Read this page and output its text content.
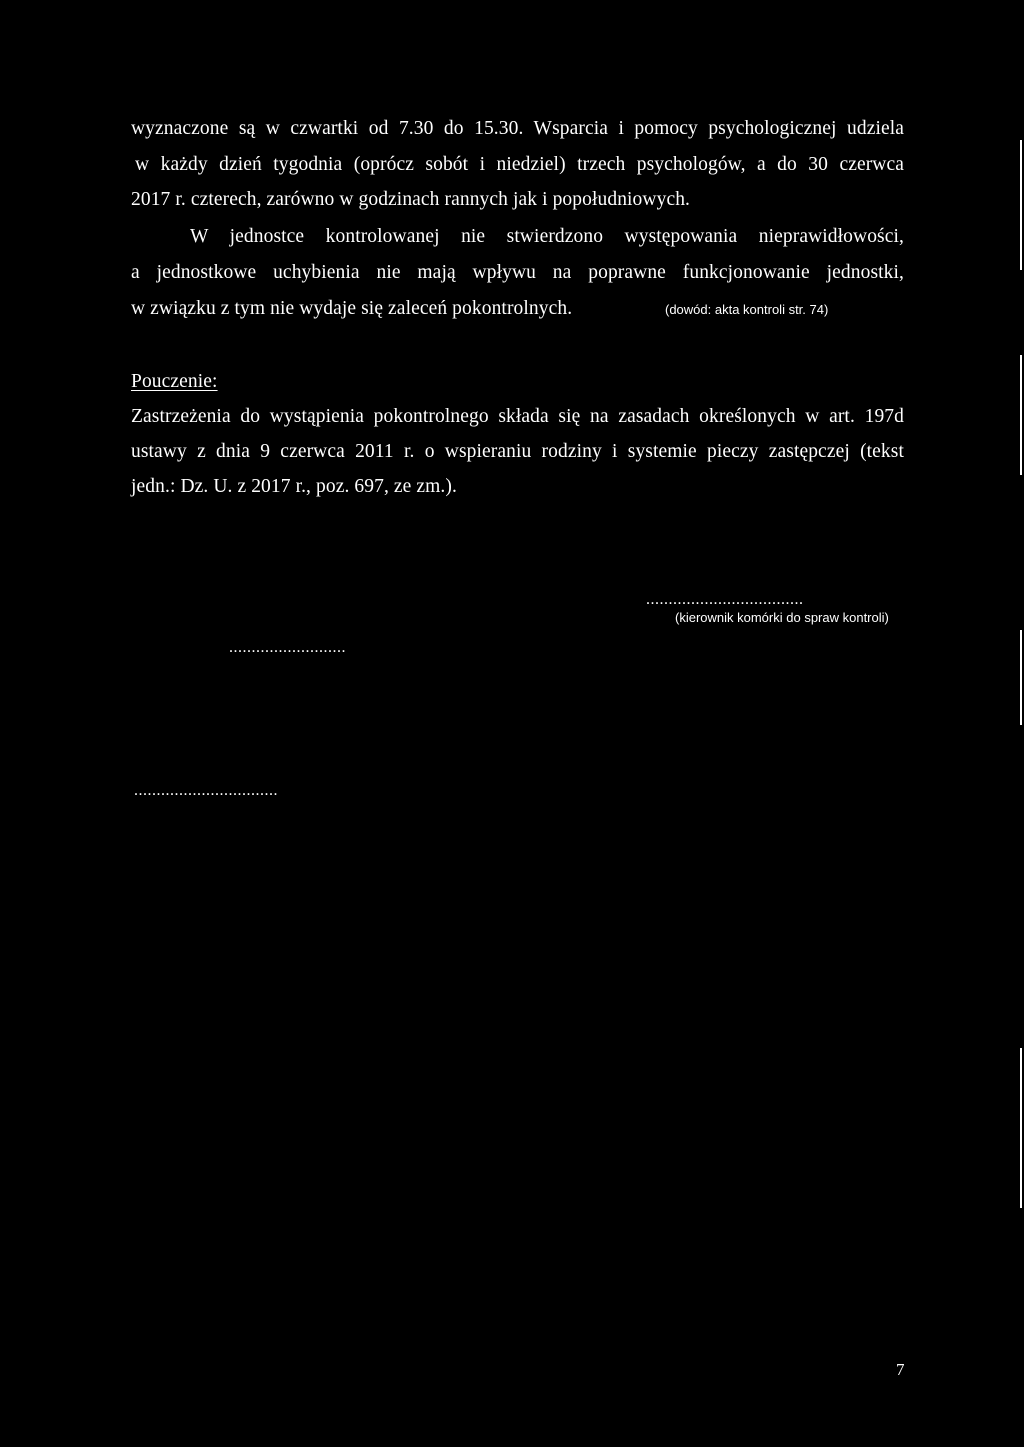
wyznaczone są w czwartki od 7.30 do 15.30. Wsparcia i pomocy psychologicznej udziela
w każdy dzień tygodnia (oprócz sobót i niedziel) trzech psychologów, a do 30 czerwca
2017 r. czterech, zarówno w godzinach rannych jak i popołudniowych.
W jednostce kontrolowanej nie stwierdzono występowania nieprawidłowości,
a jednostkowe uchybienia nie mają wpływu na poprawne funkcjonowanie jednostki,
w związku z tym nie wydaje się zaleceń pokontrolnych.	(dowód: akta kontroli str. 74)
Pouczenie:
Zastrzeżenia do wystąpienia pokontrolnego składa się na zasadach określonych w art. 197d
ustawy z dnia 9 czerwca 2011 r. o wspieraniu rodziny i systemie pieczy zastępczej (tekst
jedn.: Dz. U. z 2017 r., poz. 697, ze zm.).
...................................
(kierownik komórki do spraw kontroli)
..........................
................................
7
